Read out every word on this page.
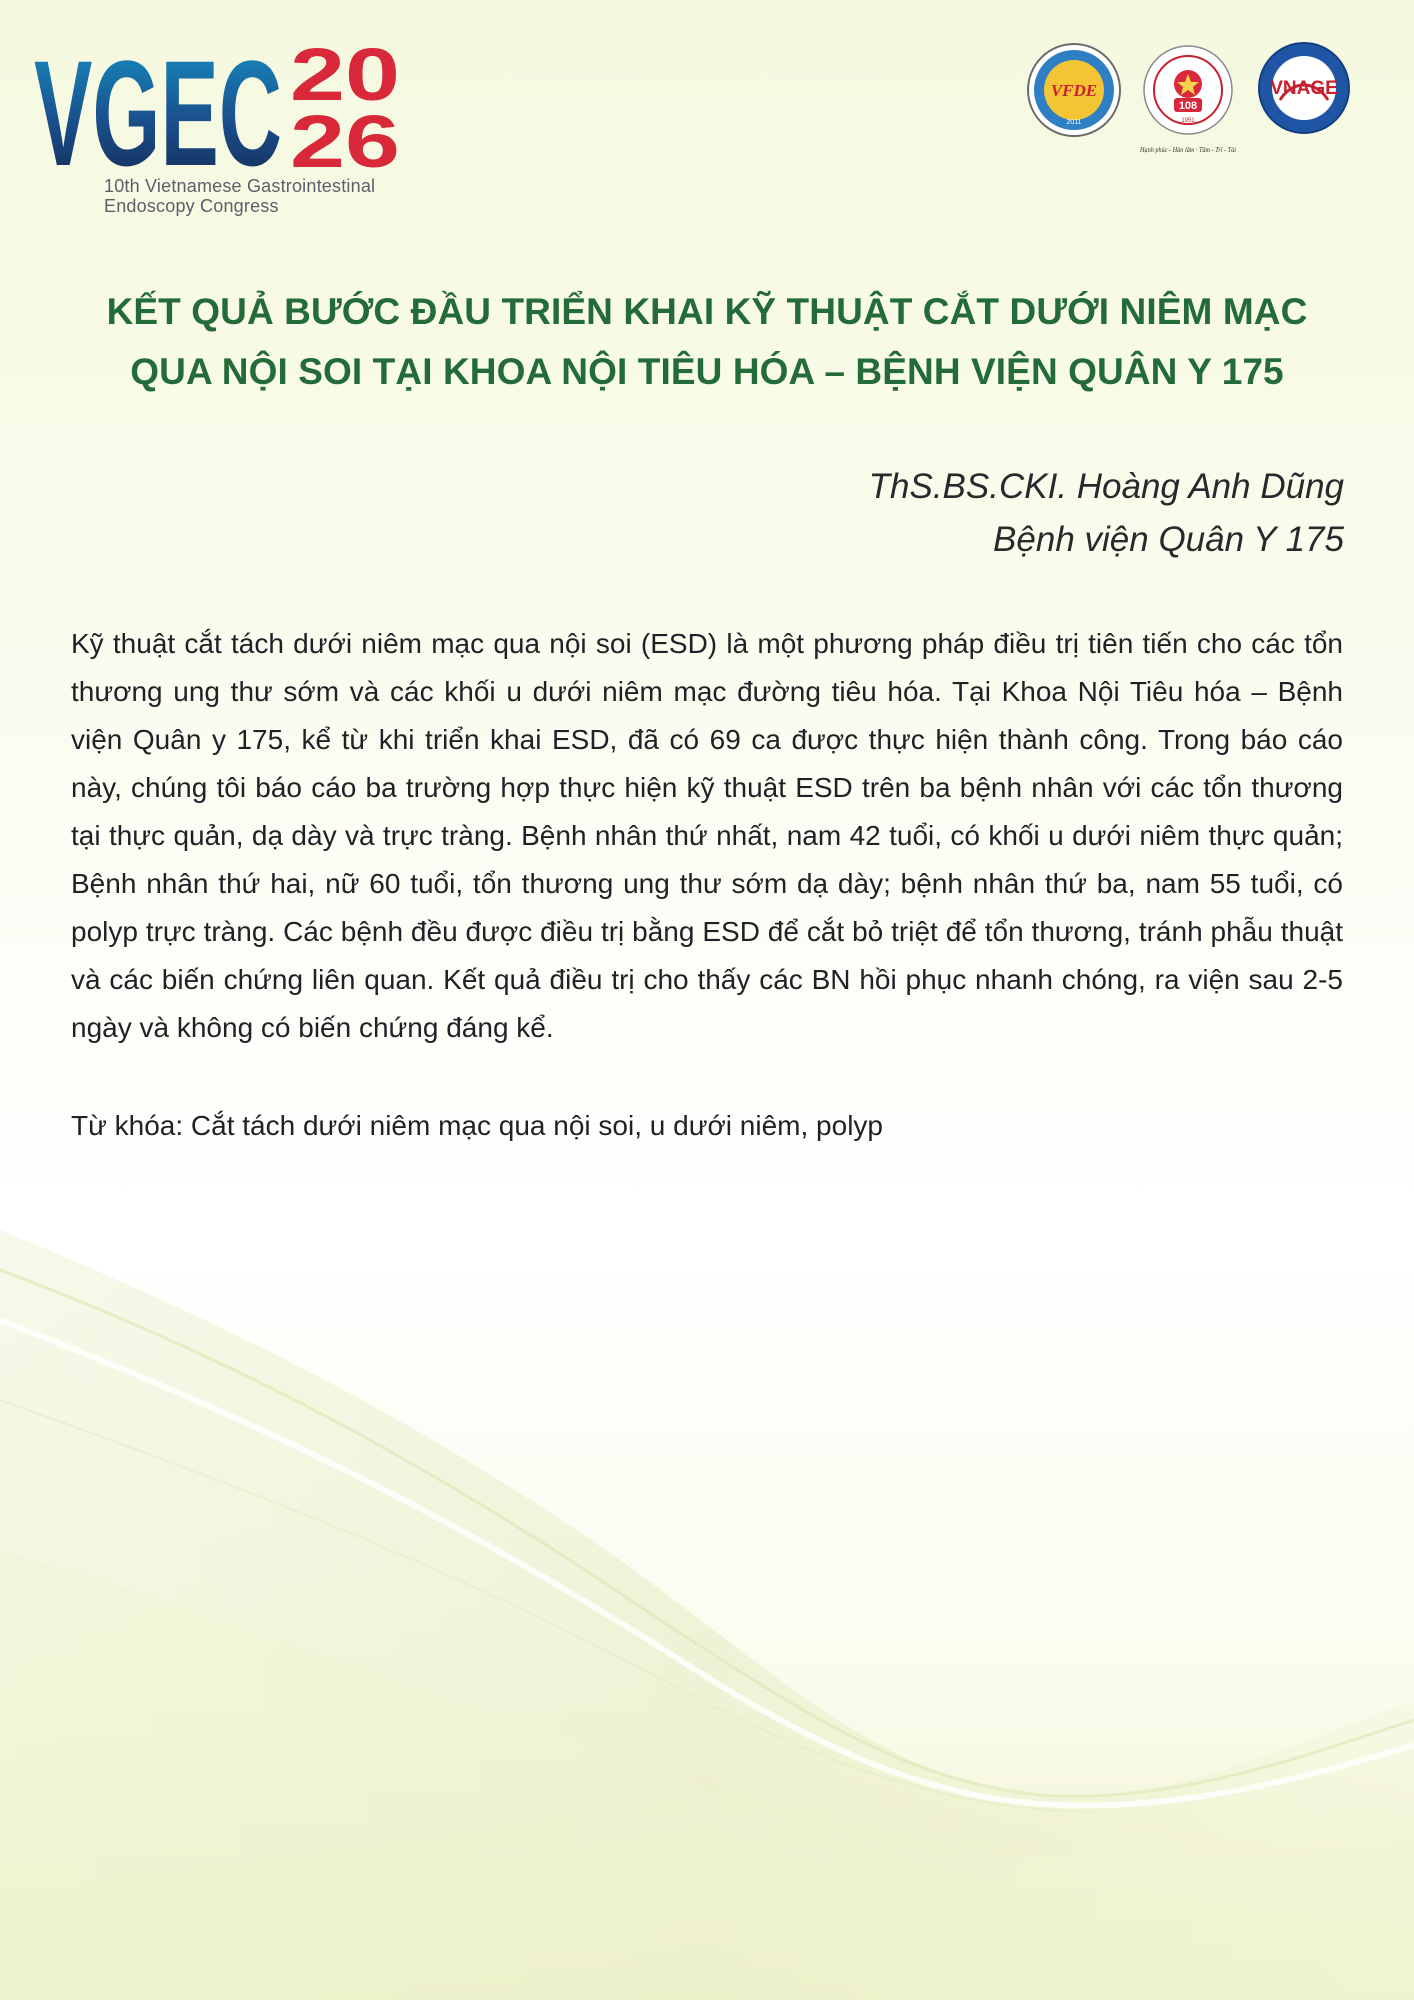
VGEC 20
26
10th Vietnamese Gastrointestinal
Endoscopy Congress
VFDE
2011
108
1951
Hạnh phúc - Hàn lâm · Tâm - Trí - Tài
VNAGE
KẾT QUẢ BƯỚC ĐẦU TRIỂN KHAI KỸ THUẬT CẮT DƯỚI NIÊM MẠC
QUA NỘI SOI TẠI KHOA NỘI TIÊU HÓA – BỆNH VIỆN QUÂN Y 175
ThS.BS.CKI. Hoàng Anh Dũng
Bệnh viện Quân Y 175

Kỹ thuật cắt tách dưới niêm mạc qua nội soi (ESD) là một phương pháp điều trị tiên tiến cho các tổn thương ung thư sớm và các khối u dưới niêm mạc đường tiêu hóa. Tại Khoa Nội Tiêu hóa – Bệnh viện Quân y 175, kể từ khi triển khai ESD, đã có 69 ca được thực hiện thành công. Trong báo cáo này, chúng tôi báo cáo ba trường hợp thực hiện kỹ thuật ESD trên ba bệnh nhân với các tổn thương tại thực quản, dạ dày và trực tràng. Bệnh nhân thứ nhất, nam 42 tuổi, có khối u dưới niêm thực quản; Bệnh nhân thứ hai, nữ 60 tuổi, tổn thương ung thư sớm dạ dày; bệnh nhân thứ ba, nam 55 tuổi, có polyp trực tràng. Các bệnh đều được điều trị bằng ESD để cắt bỏ triệt để tổn thương, tránh phẫu thuật và các biến chứng liên quan. Kết quả điều trị cho thấy các BN hồi phục nhanh chóng, ra viện sau 2-5 ngày và không có biến chứng đáng kể.

Từ khóa: Cắt tách dưới niêm mạc qua nội soi, u dưới niêm, polyp
